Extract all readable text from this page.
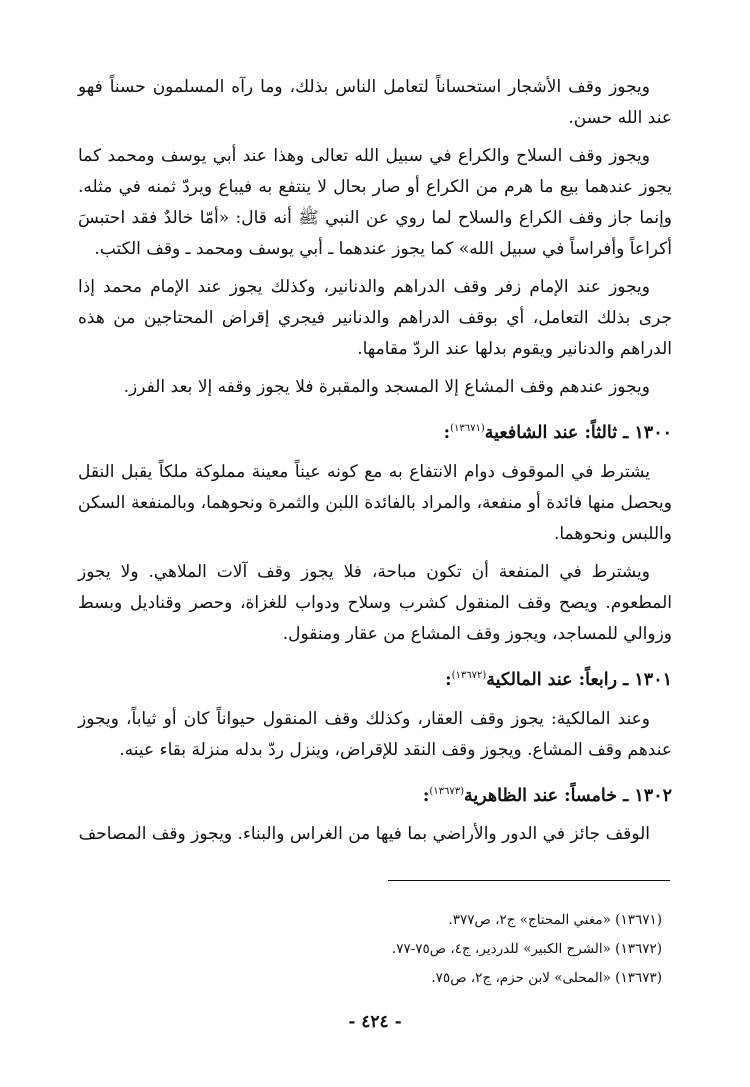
ويجوز وقف الأشجار استحساناً لتعامل الناس بذلك، وما رآه المسلمون حسناً فهو عند الله حسن.

ويجوز وقف السلاح والكراع في سبيل الله تعالى وهذا عند أبي يوسف ومحمد كما يجوز عندهما بيع ما هرم من الكراع أو صار بحال لا ينتفع به فيباع ويردّ ثمنه في مثله. وإنما جاز وقف الكراع والسلاح لما روي عن النبي ﷺ أنه قال: «أمّا خالدٌ فقد احتبسَ أكراعاً وأفراساً في سبيل الله» كما يجوز عندهما ـ أبي يوسف ومحمد ـ وقف الكتب.

ويجوز عند الإمام زفر وقف الدراهم والدنانير، وكذلك يجوز عند الإمام محمد إذا جرى بذلك التعامل، أي بوقف الدراهم والدنانير فيجري إقراض المحتاجين من هذه الدراهم والدنانير ويقوم بدلها عند الردّ مقامها.

ويجوز عندهم وقف المشاع إلا المسجد والمقبرة فلا يجوز وقفه إلا بعد الفرز.

١٣٠٠ ـ ثالثاً: عند الشافعية$^{(١٣٦٧١)}$:

يشترط في الموقوف دوام الانتفاع به مع كونه عيناً معينة مملوكة ملكاً يقبل النقل ويحصل منها فائدة أو منفعة، والمراد بالفائدة اللبن والثمرة ونحوهما، وبالمنفعة السكن واللبس ونحوهما.

ويشترط في المنفعة أن تكون مباحة، فلا يجوز وقف آلات الملاهي. ولا يجوز المطعوم. ويصح وقف المنقول كشرب وسلاح ودواب للغزاة، وحصر وقناديل وبسط وزوالي للمساجد، ويجوز وقف المشاع من عقار ومنقول.

١٣٠١ ـ رابعاً: عند المالكية$^{(١٣٦٧٢)}$:

وعند المالكية: يجوز وقف العقار، وكذلك وقف المنقول حيواناً كان أو ثياباً، ويجوز عندهم وقف المشاع. ويجوز وقف النقد للإقراض، وينزل ردّ بدله منزلة بقاء عينه.

١٣٠٢ ـ خامساً: عند الظاهرية$^{(١٣٦٧٣)}$:

الوقف جائز في الدور والأراضي بما فيها من الغراس والبناء. ويجوز وقف المصاحف

(١٣٦٧١) «مغني المحتاج» ج٢، ص٣٧٧.

(١٣٦٧٢) «الشرح الكبير» للدردير، ج٤، ص٧٥-٧٧.

(١٣٦٧٣) «المحلى» لابن حزم، ج٢، ص٧٥.

- ٤٢٤ -
